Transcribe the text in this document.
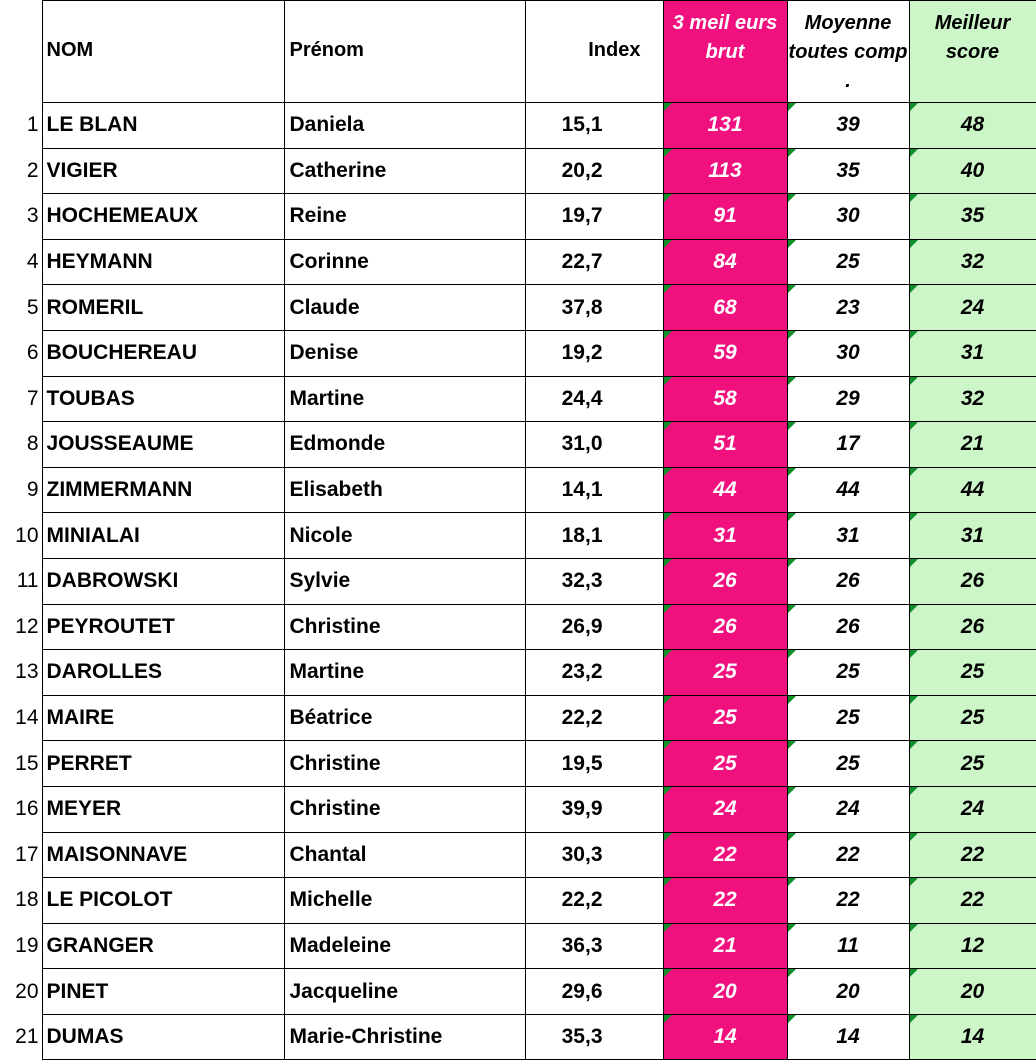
	NOM	Prénom	Index	3 meil eurs brut	Moyenne toutes comp .	Meilleur score
1	LE BLAN	Daniela	15,1	131	39	48
2	VIGIER	Catherine	20,2	113	35	40
3	HOCHEMEAUX	Reine	19,7	91	30	35
4	HEYMANN	Corinne	22,7	84	25	32
5	ROMERIL	Claude	37,8	68	23	24
6	BOUCHEREAU	Denise	19,2	59	30	31
7	TOUBAS	Martine	24,4	58	29	32
8	JOUSSEAUME	Edmonde	31,0	51	17	21
9	ZIMMERMANN	Elisabeth	14,1	44	44	44
10	MINIALAI	Nicole	18,1	31	31	31
11	DABROWSKI	Sylvie	32,3	26	26	26
12	PEYROUTET	Christine	26,9	26	26	26
13	DAROLLES	Martine	23,2	25	25	25
14	MAIRE	Béatrice	22,2	25	25	25
15	PERRET	Christine	19,5	25	25	25
16	MEYER	Christine	39,9	24	24	24
17	MAISONNAVE	Chantal	30,3	22	22	22
18	LE PICOLOT	Michelle	22,2	22	22	22
19	GRANGER	Madeleine	36,3	21	11	12
20	PINET	Jacqueline	29,6	20	20	20
21	DUMAS	Marie-Christine	35,3	14	14	14
